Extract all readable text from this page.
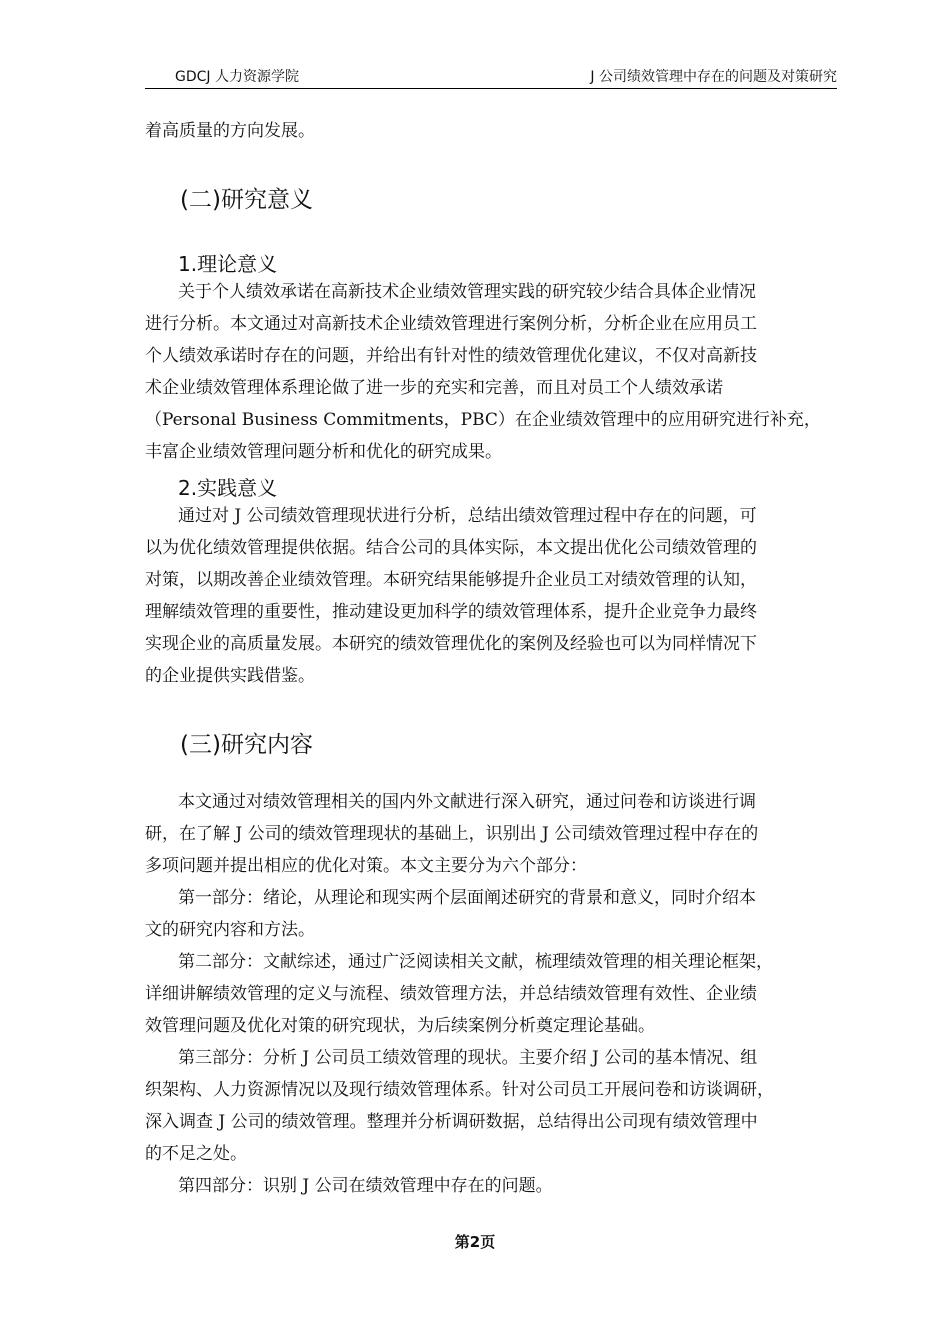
GDCJ 人力资源学院	J 公司绩效管理中存在的问题及对策研究
着高质量的方向发展。
(二)研究意义
1.理论意义
关于个人绩效承诺在高新技术企业绩效管理实践的研究较少结合具体企业情况
进行分析。本文通过对高新技术企业绩效管理进行案例分析，分析企业在应用员工
个人绩效承诺时存在的问题，并给出有针对性的绩效管理优化建议，不仅对高新技
术企业绩效管理体系理论做了进一步的充实和完善，而且对员工个人绩效承诺
（Personal Business Commitments，PBC）在企业绩效管理中的应用研究进行补充，
丰富企业绩效管理问题分析和优化的研究成果。
2.实践意义
通过对 J 公司绩效管理现状进行分析，总结出绩效管理过程中存在的问题，可
以为优化绩效管理提供依据。结合公司的具体实际，本文提出优化公司绩效管理的
对策，以期改善企业绩效管理。本研究结果能够提升企业员工对绩效管理的认知，
理解绩效管理的重要性，推动建设更加科学的绩效管理体系，提升企业竞争力最终
实现企业的高质量发展。本研究的绩效管理优化的案例及经验也可以为同样情况下
的企业提供实践借鉴。
(三)研究内容
本文通过对绩效管理相关的国内外文献进行深入研究，通过问卷和访谈进行调
研，在了解 J 公司的绩效管理现状的基础上，识别出 J 公司绩效管理过程中存在的
多项问题并提出相应的优化对策。本文主要分为六个部分：
第一部分：绪论，从理论和现实两个层面阐述研究的背景和意义，同时介绍本
文的研究内容和方法。
第二部分：文献综述，通过广泛阅读相关文献，梳理绩效管理的相关理论框架，
详细讲解绩效管理的定义与流程、绩效管理方法，并总结绩效管理有效性、企业绩
效管理问题及优化对策的研究现状，为后续案例分析奠定理论基础。
第三部分：分析 J 公司员工绩效管理的现状。主要介绍 J 公司的基本情况、组
织架构、人力资源情况以及现行绩效管理体系。针对公司员工开展问卷和访谈调研，
深入调查 J 公司的绩效管理。整理并分析调研数据，总结得出公司现有绩效管理中
的不足之处。
第四部分：识别 J 公司在绩效管理中存在的问题。
第2页
